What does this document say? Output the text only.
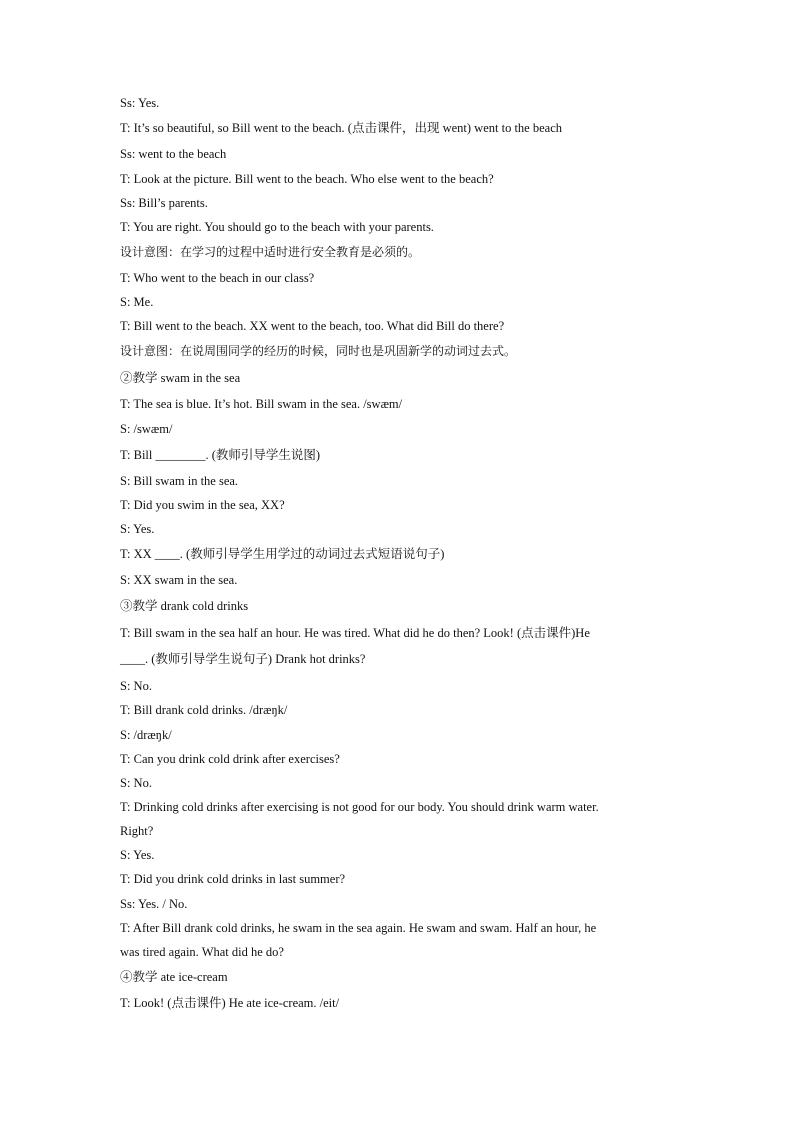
Ss: Yes.

T: It’s so beautiful, so Bill went to the beach. (点击课件，出现 went) went to the beach

Ss: went to the beach

T: Look at the picture. Bill went to the beach. Who else went to the beach?

Ss: Bill’s parents.

T: You are right. You should go to the beach with your parents.

设计意图：在学习的过程中适时进行安全教育是必须的。

T: Who went to the beach in our class?

S: Me.

T: Bill went to the beach. XX went to the beach, too. What did Bill do there?

设计意图：在说周围同学的经历的时候，同时也是巩固新学的动词过去式。

②教学 swam in the sea

T: The sea is blue. It’s hot. Bill swam in the sea. /swæm/

S: /swæm/

T: Bill ________. (教师引导学生说图)

S: Bill swam in the sea.

T: Did you swim in the sea, XX?

S: Yes.

T: XX ____. (教师引导学生用学过的动词过去式短语说句子)

S: XX swam in the sea.

③教学 drank cold drinks

T: Bill swam in the sea half an hour. He was tired. What did he do then? Look! (点击课件)He

____. (教师引导学生说句子) Drank hot drinks?

S: No.

T: Bill drank cold drinks. /dræŋk/

S: /dræŋk/

T: Can you drink cold drink after exercises?

S: No.

T: Drinking cold drinks after exercising is not good for our body. You should drink warm water.

Right?

S: Yes.

T: Did you drink cold drinks in last summer?

Ss: Yes. / No.

T: After Bill drank cold drinks, he swam in the sea again. He swam and swam. Half an hour, he

was tired again. What did he do?

④教学 ate ice-cream

T: Look! (点击课件) He ate ice-cream. /eit/
